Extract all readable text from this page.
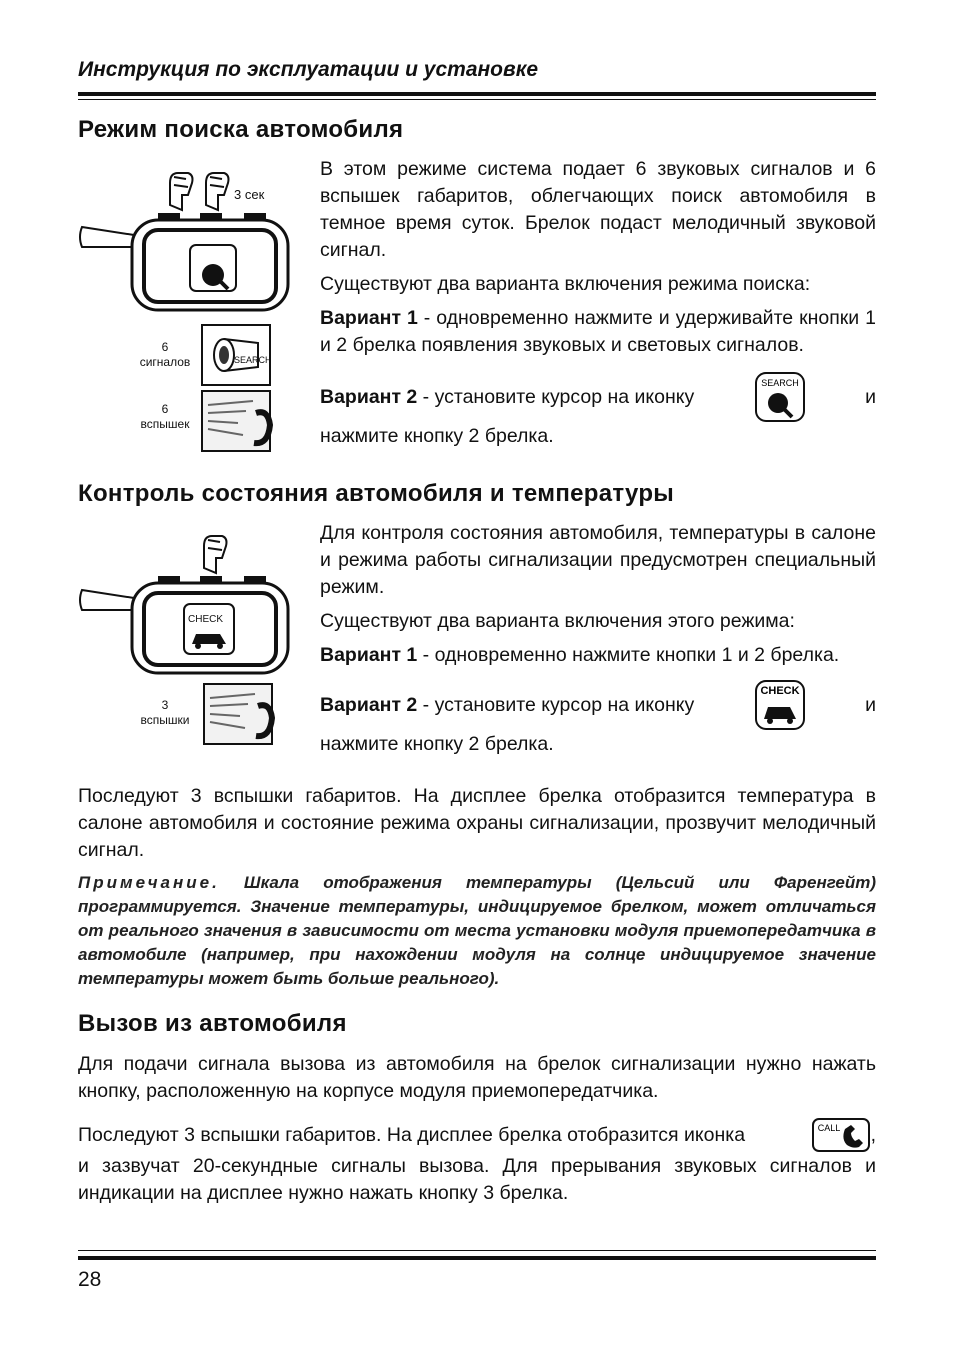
Инструкция по эксплуатации и установке
Режим поиска автомобиля
SEARCH
3 сек
6
сигналов
6
вспышек

В этом режиме система подает 6 звуковых сигналов и 6 вспышек габаритов, облегчающих поиск автомобиля в темное время суток. Брелок подаст мелодичный звуковой сигнал.

Существуют два варианта включения режима поиска:

Вариант 1 - одновременно нажмите и удерживайте кнопки 1 и 2 брелка появления звуковых и световых сигналов.

Вариант 2 - установите курсор на иконку
SEARCH
и

нажмите кнопку 2 брелка.

Контроль состояния автомобиля и температуры
CHECK
3
вспышки

Для контроля состояния автомобиля, температуры в салоне и режима работы сигнализации предусмотрен специальный режим.

Существуют два варианта включения этого режима:

Вариант 1 - одновременно нажмите кнопки 1 и 2 брелка.

Вариант 2 - установите курсор на иконку
CHECK
и

нажмите кнопку 2 брелка.

Последуют 3 вспышки габаритов. На дисплее брелка отобразится температура в салоне автомобиля и состояние режима охраны сигнализации, прозвучит мелодичный сигнал.

Примечание. Шкала отображения температуры (Цельсий или Фаренгейт) программируется. Значение температуры, индицируемое брелком, может отличаться от реального значения в зависимости от места установки модуля приемопередатчика в автомобиле (например, при нахождении модуля на солнце индицируемое значение температуры может быть больше реального).
Вызов из автомобиля

Для подачи сигнала вызова из автомобиля на брелок сигнализации нужно нажать кнопку, расположенную на корпусе модуля приемопередатчика.

Последуют 3 вспышки габаритов. На дисплее брелка отобразится иконка	CALL ,

и зазвучат 20-секундные сигналы вызова. Для прерывания звуковых сигналов и индикации на дисплее нужно нажать кнопку 3 брелка.

28
